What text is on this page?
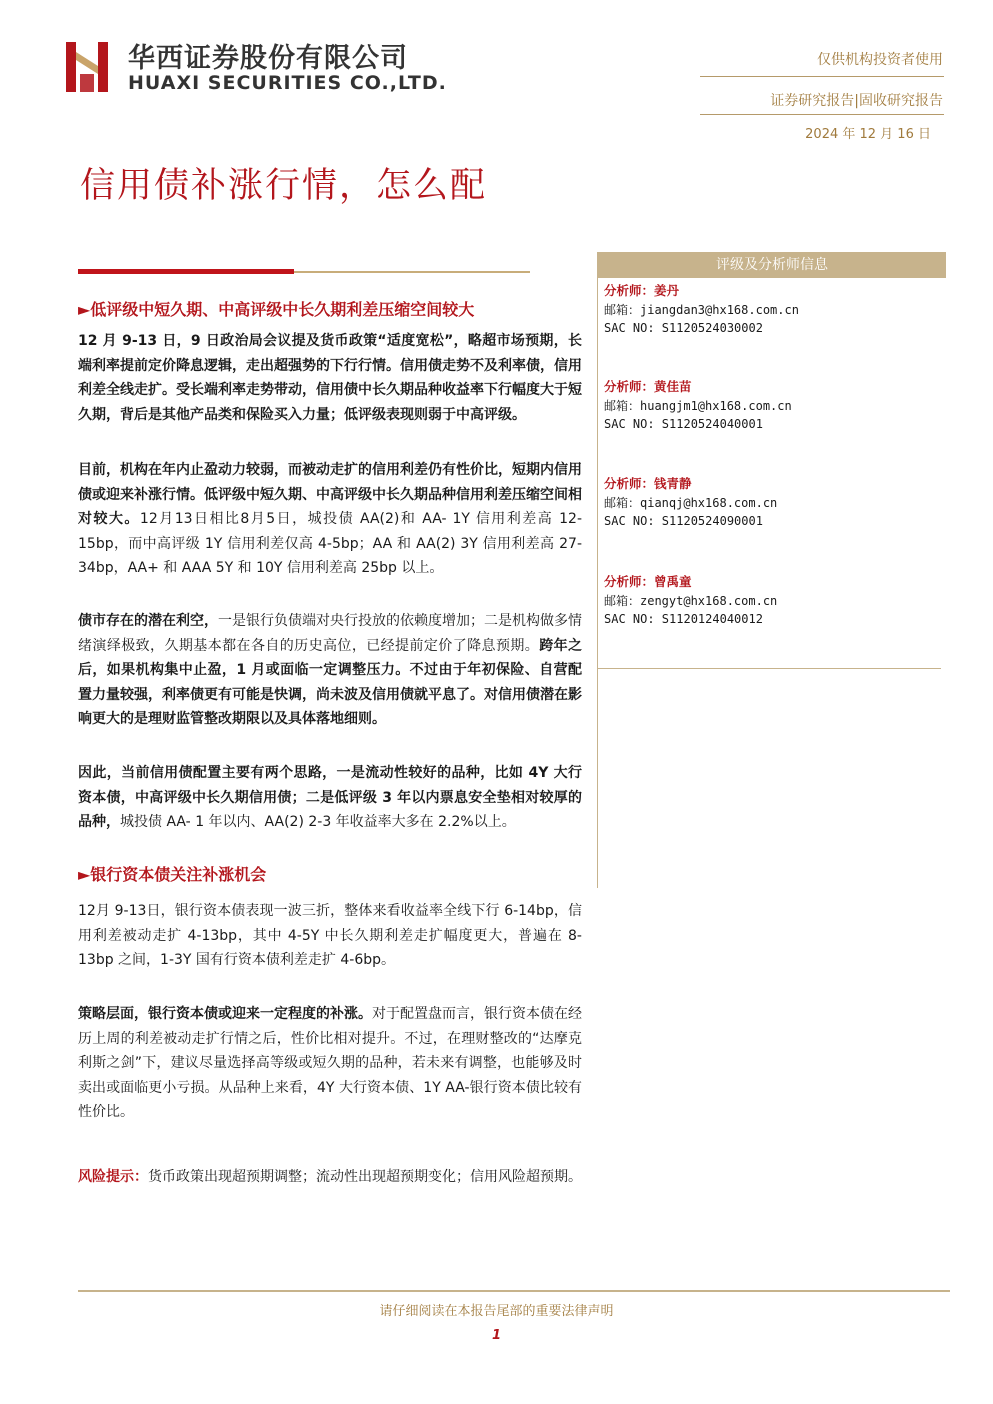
华西证券股份有限公司
HUAXI SECURITIES CO.,LTD.
仅供机构投资者使用
证券研究报告|固收研究报告
2024 年 12 月 16 日
信用债补涨行情，怎么配
►低评级中短久期、中高评级中长久期利差压缩空间较大
12 月 9-13 日，9 日政治局会议提及货币政策“适度宽松”，略超市场预期，长端利率提前定价降息逻辑，走出超强势的下行行情。信用债走势不及利率债，信用利差全线走扩。受长端利率走势带动，信用债中长久期品种收益率下行幅度大于短久期，背后是其他产品类和保险买入力量；低评级表现则弱于中高评级。
目前，机构在年内止盈动力较弱，而被动走扩的信用利差仍有性价比，短期内信用债或迎来补涨行情。低评级中短久期、中高评级中长久期品种信用利差压缩空间相对较大。12月13日相比8月5日，城投债 AA(2)和 AA- 1Y 信用利差高 12-15bp，而中高评级 1Y 信用利差仅高 4-5bp；AA 和 AA(2) 3Y 信用利差高 27-34bp，AA+ 和 AAA 5Y 和 10Y 信用利差高 25bp 以上。
债市存在的潜在利空，一是银行负债端对央行投放的依赖度增加；二是机构做多情绪演绎极致，久期基本都在各自的历史高位，已经提前定价了降息预期。跨年之后，如果机构集中止盈，1 月或面临一定调整压力。不过由于年初保险、自营配置力量较强，利率债更有可能是快调，尚未波及信用债就平息了。对信用债潜在影响更大的是理财监管整改期限以及具体落地细则。
因此，当前信用债配置主要有两个思路，一是流动性较好的品种，比如 4Y 大行资本债，中高评级中长久期信用债；二是低评级 3 年以内票息安全垫相对较厚的品种，城投债 AA- 1 年以内、AA(2) 2-3 年收益率大多在 2.2%以上。
►银行资本债关注补涨机会
12月 9-13日，银行资本债表现一波三折，整体来看收益率全线下行 6-14bp，信用利差被动走扩 4-13bp，其中 4-5Y 中长久期利差走扩幅度更大，普遍在 8-13bp 之间，1-3Y 国有行资本债利差走扩 4-6bp。
策略层面，银行资本债或迎来一定程度的补涨。对于配置盘而言，银行资本债在经历上周的利差被动走扩行情之后，性价比相对提升。不过，在理财整改的“达摩克利斯之剑”下，建议尽量选择高等级或短久期的品种，若未来有调整，也能够及时卖出或面临更小亏损。从品种上来看，4Y 大行资本债、1Y AA-银行资本债比较有性价比。
风险提示：货币政策出现超预期调整；流动性出现超预期变化；信用风险超预期。
评级及分析师信息
分析师：姜丹
邮箱：jiangdan3@hx168.com.cn
SAC NO: S1120524030002
分析师：黄佳苗
邮箱：huangjm1@hx168.com.cn
SAC NO: S1120524040001
分析师：钱青静
邮箱：qianqj@hx168.com.cn
SAC NO: S1120524090001
分析师：曾禹童
邮箱：zengyt@hx168.com.cn
SAC NO: S1120124040012
请仔细阅读在本报告尾部的重要法律声明
1
